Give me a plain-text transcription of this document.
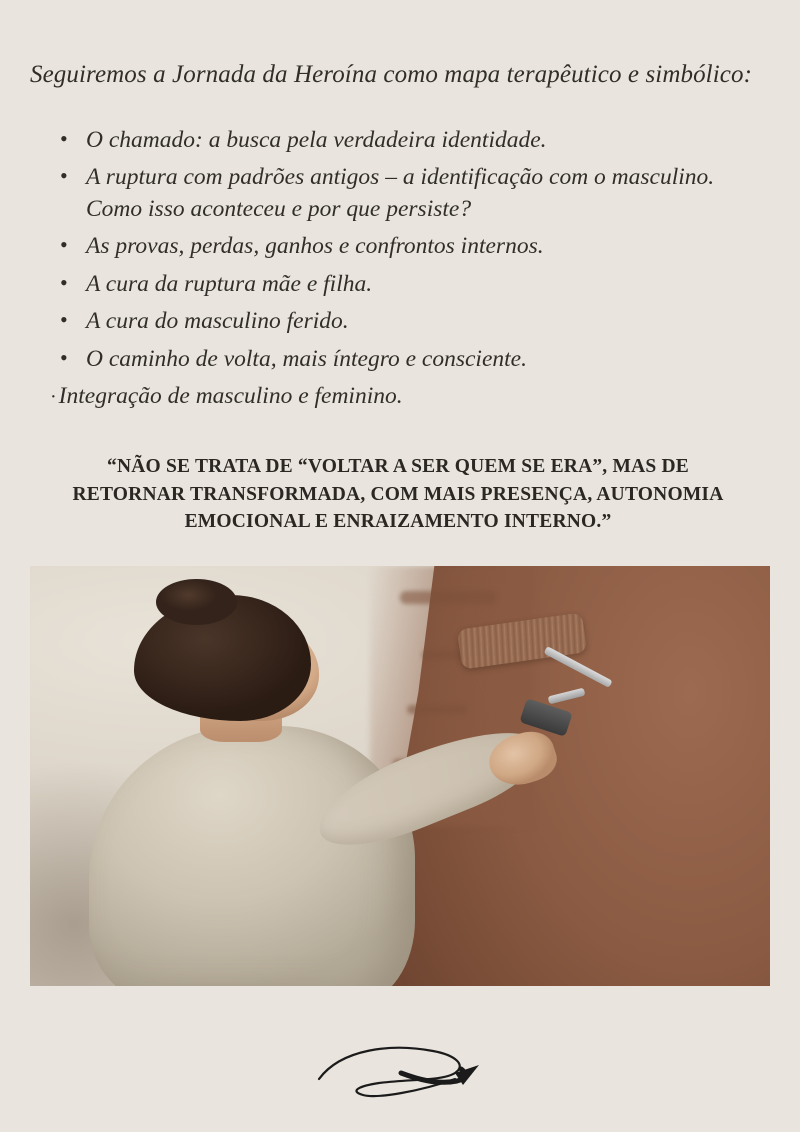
Seguiremos a Jornada da Heroína como mapa terapêutico e simbólico:

• O chamado: a busca pela verdadeira identidade.
• A ruptura com padrões antigos – a identificação com o masculino. Como isso aconteceu e por que persiste?
• As provas, perdas, ganhos e confrontos internos.
• A cura da ruptura mãe e filha.
• A cura do masculino ferido.
• O caminho de volta, mais íntegro e consciente.

·Integração de masculino e feminino.

“NÃO SE TRATA DE “VOLTAR A SER QUEM SE ERA”, MAS DE RETORNAR TRANSFORMADA, COM MAIS PRESENÇA, AUTONOMIA EMOCIONAL E ENRAIZAMENTO INTERNO.”
